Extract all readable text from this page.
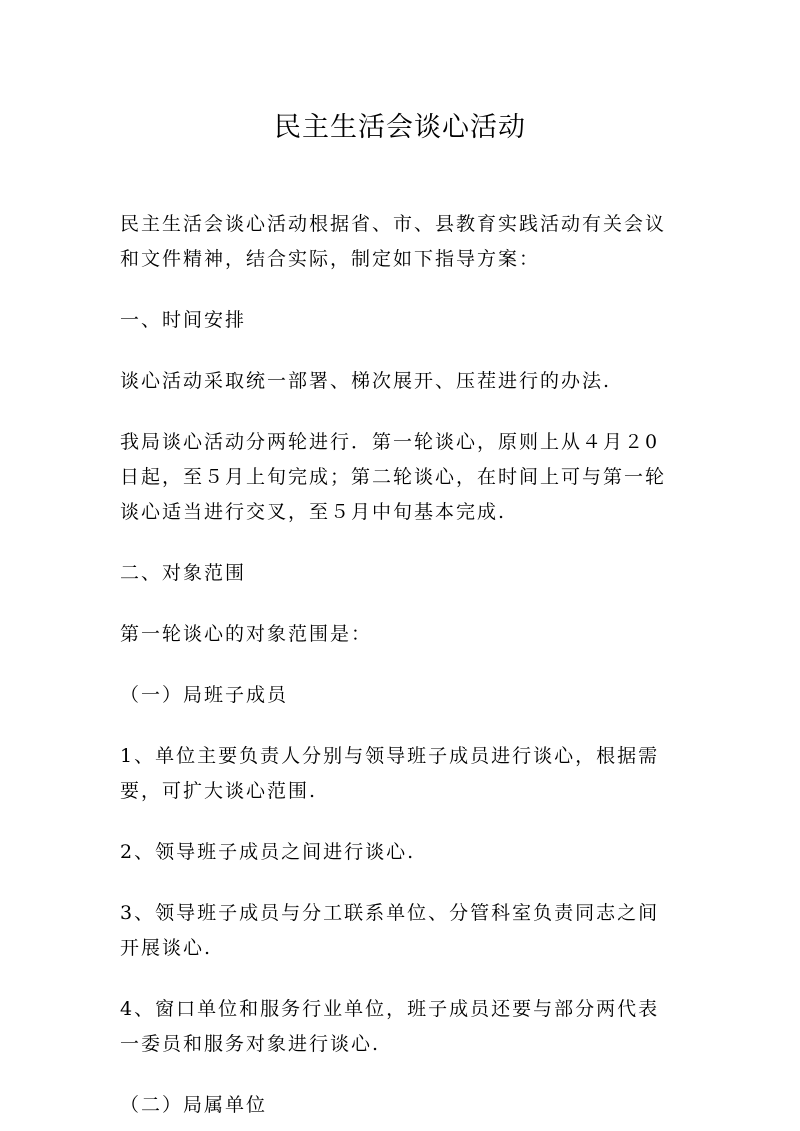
民主生活会谈心活动

民主生活会谈心活动根据省、市、县教育实践活动有关会议和文件精神，结合实际，制定如下指导方案：

一、时间安排

谈心活动采取统一部署、梯次展开、压茬进行的办法.

我局谈心活动分两轮进行．第一轮谈心，原则上从４月２0日起，至５月上旬完成；第二轮谈心，在时间上可与第一轮谈心适当进行交叉，至５月中旬基本完成.

二、对象范围

第一轮谈心的对象范围是：

（一）局班子成员

1、单位主要负责人分别与领导班子成员进行谈心，根据需要，可扩大谈心范围.

2、领导班子成员之间进行谈心.

3、领导班子成员与分工联系单位、分管科室负责同志之间开展谈心.

4、窗口单位和服务行业单位，班子成员还要与部分两代表一委员和服务对象进行谈心.

（二）局属单位
